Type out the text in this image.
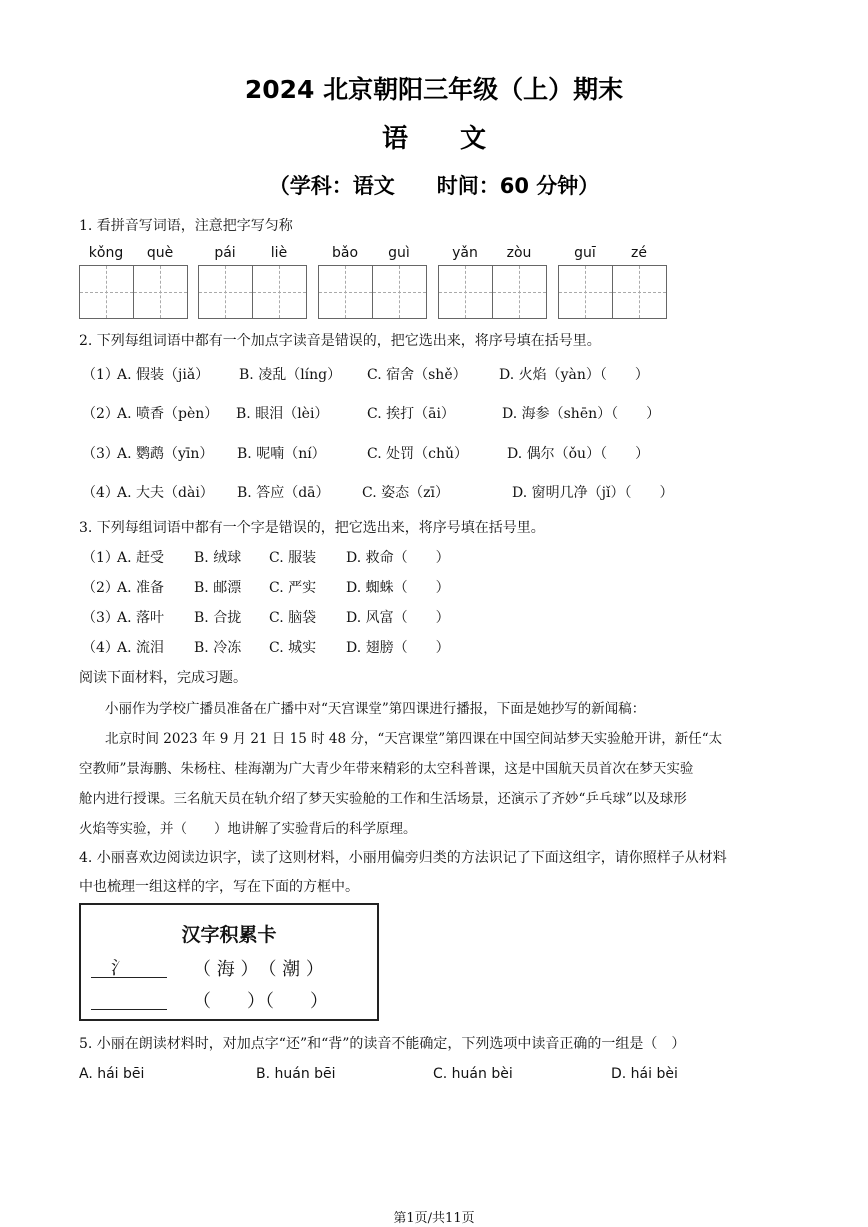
2024 北京朝阳三年级（上）期末
语　　文
（学科：语文　　时间：60 分钟）
1. 看拼音写词语，注意把字写匀称
kǒng	què	pái	liè	bǎo	guì	yǎn	zòu	guī	zé
2. 下列每组词语中都有一个加点字读音是错误的，把它选出来，将序号填在括号里。
（1）
A. 假装（jiǎ） B. 凌乱（líng） C. 宿舍（shě） D. 火焰（yàn）（　　）
（2）
A. 喷香（pèn） B. 眼泪（lèi）	C. 挨打（āi）	D. 海参（shēn）（　　）
（3）
A. 鹦鹉（yīn） B. 呢喃（ní）	C. 处罚（chǔ）	D. 偶尔（ǒu）（　　）
（4）
A. 大夫（dài） B. 答应（dā） C. 姿态（zī）	D. 窗明几净（jǐ）（　　）
3. 下列每组词语中都有一个字是错误的，把它选出来，将序号填在括号里。
（1）
A. 赶受 B. 绒球 C. 服装 D. 救命（　　）
（2）
A. 准备 B. 邮漂 C. 严实 D. 蜘蛛（　　）
（3）
A. 落叶 B. 合拢 C. 脑袋 D. 风富（　　）
（4）
A. 流泪 B. 冷冻 C. 城实 D. 翅膀（　　）
阅读下面材料，完成习题。
小丽作为学校广播员准备在广播中对“天宫课堂”第四课进行播报，下面是她抄写的新闻稿：
北京时间 2023 年 9 月 21 日 15 时 48 分，“天宫课堂”第四课在中国空间站梦天实验舱开讲，新任“太
空教师”景海鹏、朱杨柱、桂海潮为广大青少年带来精彩的太空科普课，这是中国航天员首次在梦天实验
舱内进行授课。三名航天员在轨介绍了梦天实验舱的工作和生活场景，还演示了齐妙“乒乓球”以及球形
火焰等实验，并（　　）地讲解了实验背后的科学原理。
4. 小丽喜欢边阅读边识字，读了这则材料，小丽用偏旁归类的方法识记了下面这组字，请你照样子从材料
中也梳理一组这样的字，写在下面的方框中。
汉字积累卡
氵	（ 海 ）　（ 潮 ）
（　　）（　　）
5. 小丽在朗读材料时，对加点字“还”和“背”的读音不能确定，下列选项中读音正确的一组是（　）
A. hái bēi	B. huán bēi	C. huán bèi	D. hái bèi
第1页/共11页
